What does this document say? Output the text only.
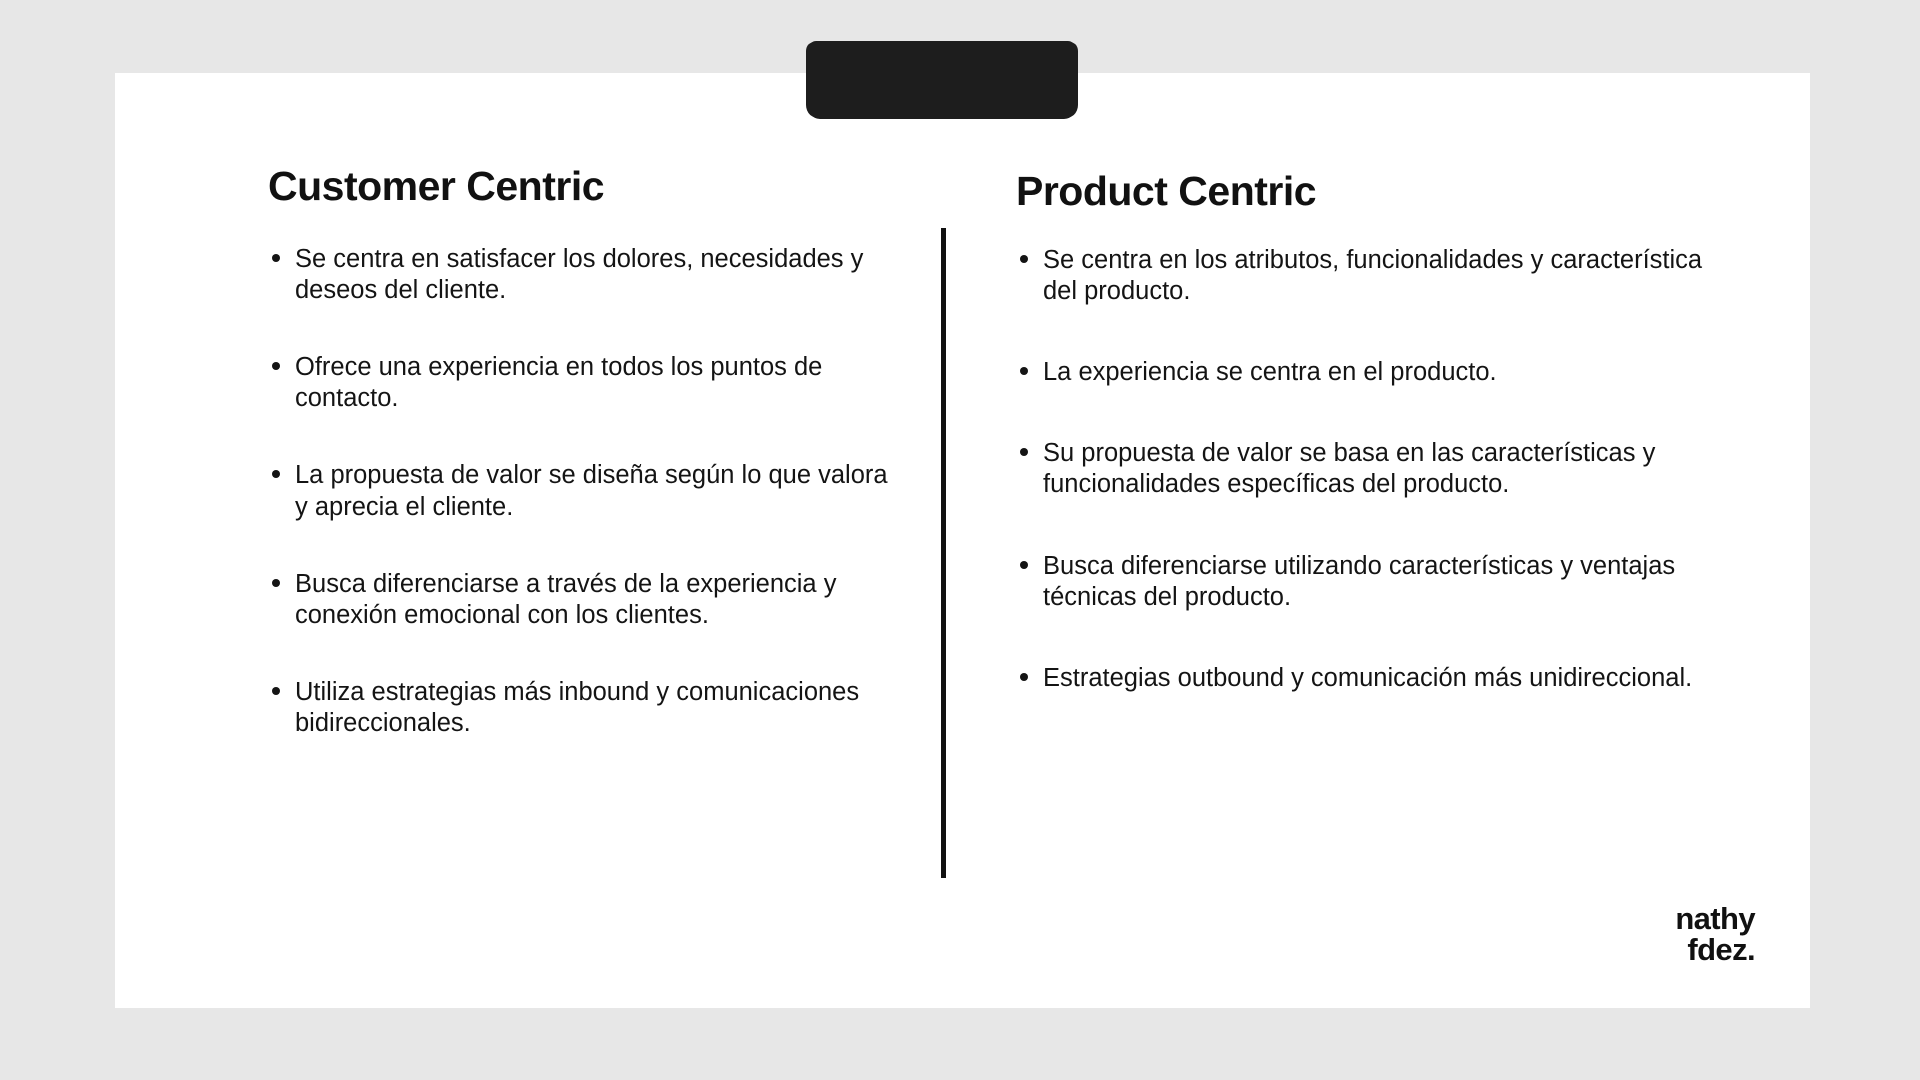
Customer Centric
Se centra en satisfacer los dolores, necesidades y deseos del cliente.
Ofrece una experiencia en todos los puntos de contacto.
La propuesta de valor se diseña según lo que valora y aprecia el cliente.
Busca diferenciarse a través de la experiencia y conexión emocional con los clientes.
Utiliza estrategias más inbound y comunicaciones bidireccionales.
Product Centric
Se centra en los atributos, funcionalidades y característica del producto.
La experiencia se centra en el producto.
Su propuesta de valor se basa en las características y funcionalidades específicas del producto.
Busca diferenciarse utilizando características y ventajas técnicas del producto.
Estrategias outbound y comunicación más unidireccional.
nathy
fdez.
